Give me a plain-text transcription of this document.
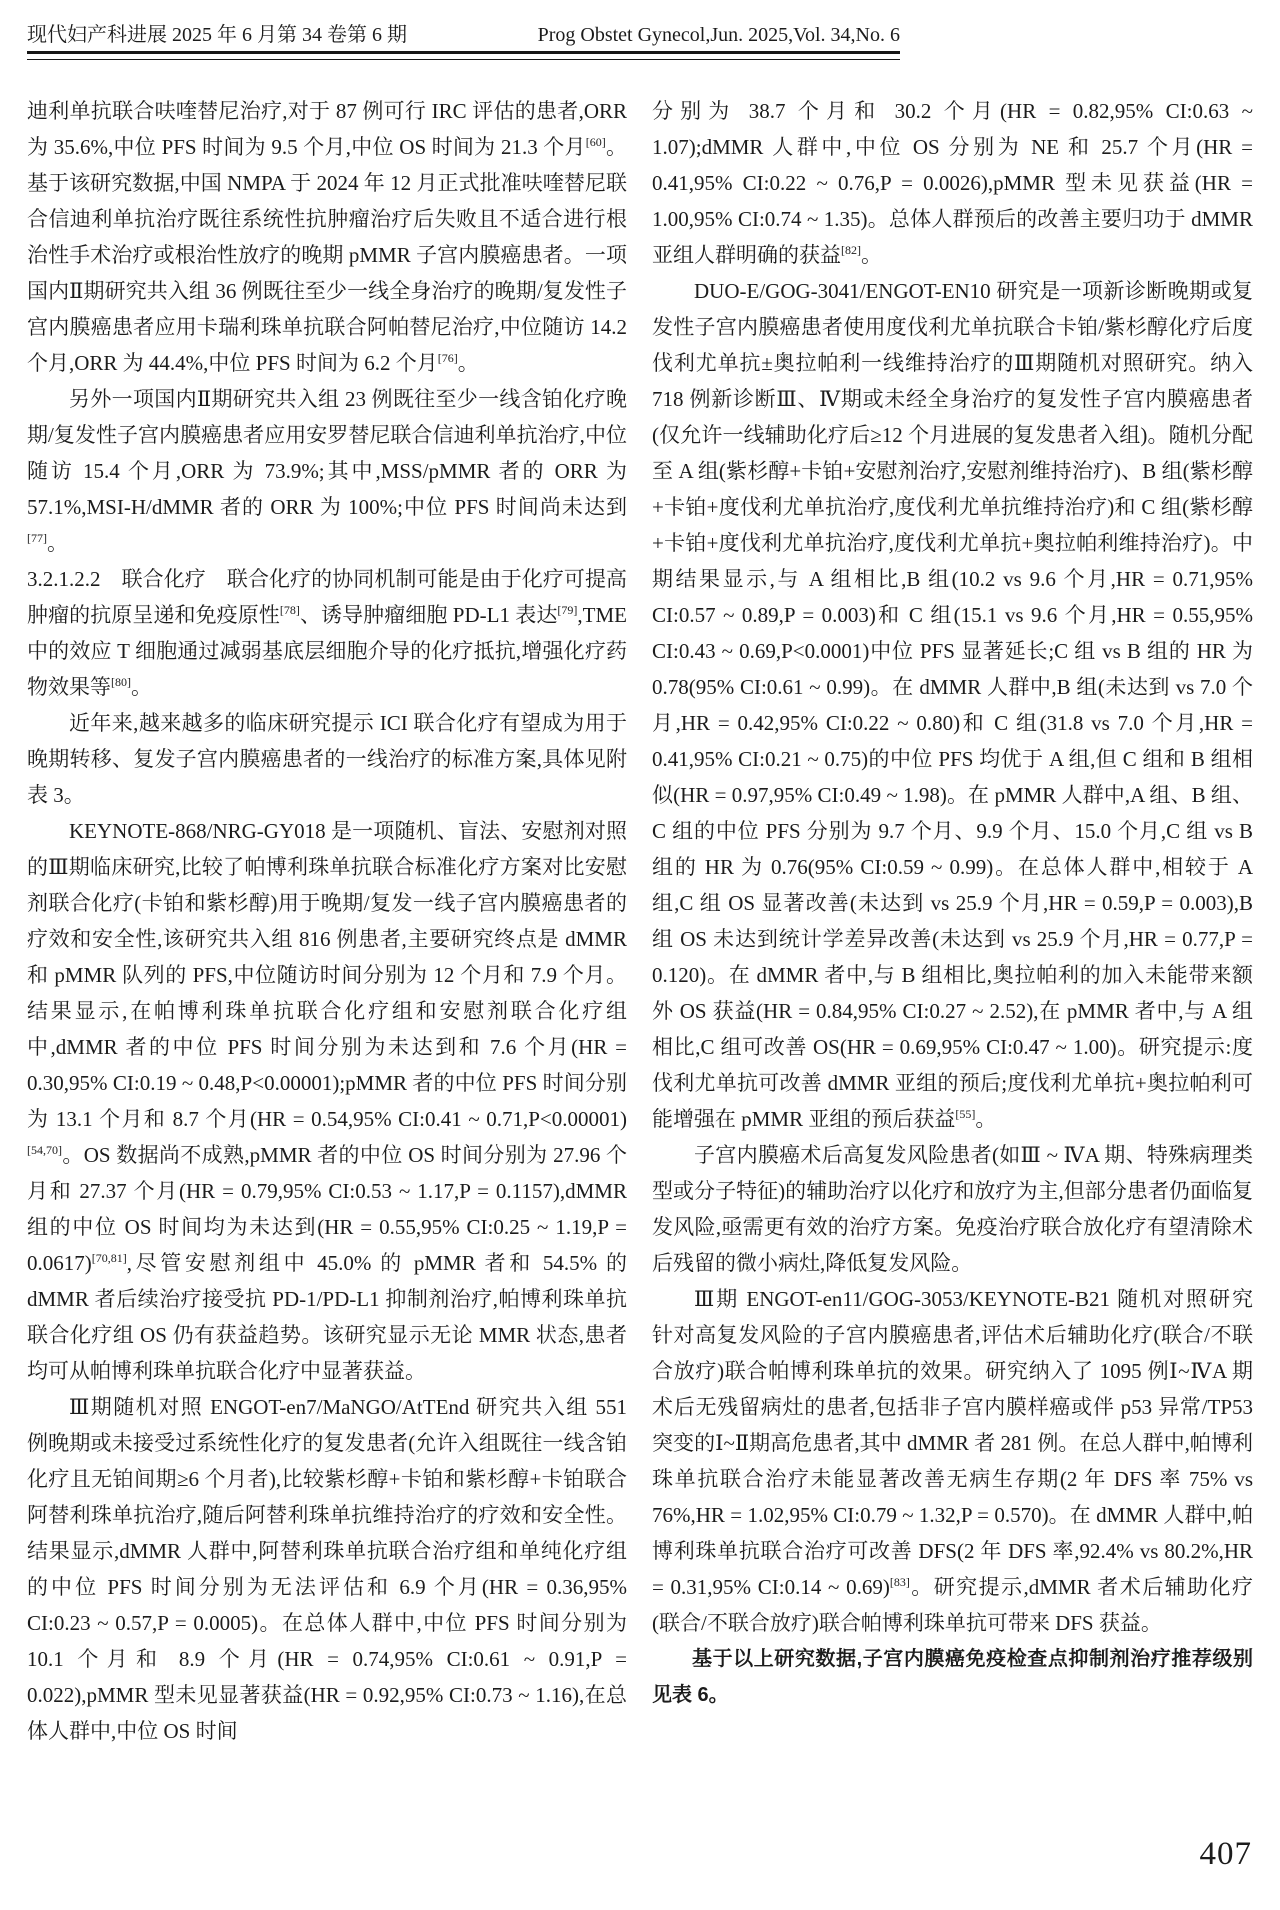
现代妇产科进展 2025 年 6 月第 34 卷第 6 期	Prog Obstet Gynecol,Jun. 2025,Vol. 34,No. 6

迪利单抗联合呋喹替尼治疗,对于 87 例可行 IRC 评估的患者,ORR 为 35.6%,中位 PFS 时间为 9.5 个月,中位 OS 时间为 21.3 个月[60]。基于该研究数据,中国 NMPA 于 2024 年 12 月正式批准呋喹替尼联合信迪利单抗治疗既往系统性抗肿瘤治疗后失败且不适合进行根治性手术治疗或根治性放疗的晚期 pMMR 子宫内膜癌患者。一项国内Ⅱ期研究共入组 36 例既往至少一线全身治疗的晚期/复发性子宫内膜癌患者应用卡瑞利珠单抗联合阿帕替尼治疗,中位随访 14.2 个月,ORR 为 44.4%,中位 PFS 时间为 6.2 个月[76]。

另外一项国内Ⅱ期研究共入组 23 例既往至少一线含铂化疗晚期/复发性子宫内膜癌患者应用安罗替尼联合信迪利单抗治疗,中位随访 15.4 个月,ORR 为 73.9%;其中,MSS/pMMR 者的 ORR 为 57.1%,MSI-H/dMMR 者的 ORR 为 100%;中位 PFS 时间尚未达到[77]。

3.2.1.2.2　联合化疗　联合化疗的协同机制可能是由于化疗可提高肿瘤的抗原呈递和免疫原性[78]、诱导肿瘤细胞 PD-L1 表达[79],TME 中的效应 T 细胞通过减弱基底层细胞介导的化疗抵抗,增强化疗药物效果等[80]。

近年来,越来越多的临床研究提示 ICI 联合化疗有望成为用于晚期转移、复发子宫内膜癌患者的一线治疗的标准方案,具体见附表 3。

KEYNOTE-868/NRG-GY018 是一项随机、盲法、安慰剂对照的Ⅲ期临床研究,比较了帕博利珠单抗联合标准化疗方案对比安慰剂联合化疗(卡铂和紫杉醇)用于晚期/复发一线子宫内膜癌患者的疗效和安全性,该研究共入组 816 例患者,主要研究终点是 dMMR 和 pMMR 队列的 PFS,中位随访时间分别为 12 个月和 7.9 个月。结果显示,在帕博利珠单抗联合化疗组和安慰剂联合化疗组中,dMMR 者的中位 PFS 时间分别为未达到和 7.6 个月(HR = 0.30,95% CI:0.19 ~ 0.48,P<0.00001);pMMR 者的中位 PFS 时间分别为 13.1 个月和 8.7 个月(HR = 0.54,95% CI:0.41 ~ 0.71,P<0.00001)[54,70]。OS 数据尚不成熟,pMMR 者的中位 OS 时间分别为 27.96 个月和 27.37 个月(HR = 0.79,95% CI:0.53 ~ 1.17,P = 0.1157),dMMR 组的中位 OS 时间均为未达到(HR = 0.55,95% CI:0.25 ~ 1.19,P = 0.0617)[70,81],尽管安慰剂组中 45.0% 的 pMMR 者和 54.5% 的 dMMR 者后续治疗接受抗 PD-1/PD-L1 抑制剂治疗,帕博利珠单抗联合化疗组 OS 仍有获益趋势。该研究显示无论 MMR 状态,患者均可从帕博利珠单抗联合化疗中显著获益。

Ⅲ期随机对照 ENGOT-en7/MaNGO/AtTEnd 研究共入组 551 例晚期或未接受过系统性化疗的复发患者(允许入组既往一线含铂化疗且无铂间期≥6 个月者),比较紫杉醇+卡铂和紫杉醇+卡铂联合阿替利珠单抗治疗,随后阿替利珠单抗维持治疗的疗效和安全性。结果显示,dMMR 人群中,阿替利珠单抗联合治疗组和单纯化疗组的中位 PFS 时间分别为无法评估和 6.9 个月(HR = 0.36,95% CI:0.23 ~ 0.57,P = 0.0005)。在总体人群中,中位 PFS 时间分别为 10.1 个月和 8.9 个月(HR = 0.74,95% CI:0.61 ~ 0.91,P = 0.022),pMMR 型未见显著获益(HR = 0.92,95% CI:0.73 ~ 1.16),在总体人群中,中位 OS 时间

分别为 38.7 个月和 30.2 个月(HR = 0.82,95% CI:0.63 ~ 1.07);dMMR 人群中,中位 OS 分别为 NE 和 25.7 个月(HR = 0.41,95% CI:0.22 ~ 0.76,P = 0.0026),pMMR 型未见获益(HR = 1.00,95% CI:0.74 ~ 1.35)。总体人群预后的改善主要归功于 dMMR 亚组人群明确的获益[82]。

DUO-E/GOG-3041/ENGOT-EN10 研究是一项新诊断晚期或复发性子宫内膜癌患者使用度伐利尤单抗联合卡铂/紫杉醇化疗后度伐利尤单抗±奥拉帕利一线维持治疗的Ⅲ期随机对照研究。纳入 718 例新诊断Ⅲ、Ⅳ期或未经全身治疗的复发性子宫内膜癌患者(仅允许一线辅助化疗后≥12 个月进展的复发患者入组)。随机分配至 A 组(紫杉醇+卡铂+安慰剂治疗,安慰剂维持治疗)、B 组(紫杉醇+卡铂+度伐利尤单抗治疗,度伐利尤单抗维持治疗)和 C 组(紫杉醇+卡铂+度伐利尤单抗治疗,度伐利尤单抗+奥拉帕利维持治疗)。中期结果显示,与 A 组相比,B 组(10.2 vs 9.6 个月,HR = 0.71,95% CI:0.57 ~ 0.89,P = 0.003)和 C 组(15.1 vs 9.6 个月,HR = 0.55,95% CI:0.43 ~ 0.69,P<0.0001)中位 PFS 显著延长;C 组 vs B 组的 HR 为 0.78(95% CI:0.61 ~ 0.99)。在 dMMR 人群中,B 组(未达到 vs 7.0 个月,HR = 0.42,95% CI:0.22 ~ 0.80)和 C 组(31.8 vs 7.0 个月,HR = 0.41,95% CI:0.21 ~ 0.75)的中位 PFS 均优于 A 组,但 C 组和 B 组相似(HR = 0.97,95% CI:0.49 ~ 1.98)。在 pMMR 人群中,A 组、B 组、C 组的中位 PFS 分别为 9.7 个月、9.9 个月、15.0 个月,C 组 vs B 组的 HR 为 0.76(95% CI:0.59 ~ 0.99)。在总体人群中,相较于 A 组,C 组 OS 显著改善(未达到 vs 25.9 个月,HR = 0.59,P = 0.003),B 组 OS 未达到统计学差异改善(未达到 vs 25.9 个月,HR = 0.77,P = 0.120)。在 dMMR 者中,与 B 组相比,奥拉帕利的加入未能带来额外 OS 获益(HR = 0.84,95% CI:0.27 ~ 2.52),在 pMMR 者中,与 A 组相比,C 组可改善 OS(HR = 0.69,95% CI:0.47 ~ 1.00)。研究提示:度伐利尤单抗可改善 dMMR 亚组的预后;度伐利尤单抗+奥拉帕利可能增强在 pMMR 亚组的预后获益[55]。

子宫内膜癌术后高复发风险患者(如Ⅲ ~ ⅣA 期、特殊病理类型或分子特征)的辅助治疗以化疗和放疗为主,但部分患者仍面临复发风险,亟需更有效的治疗方案。免疫治疗联合放化疗有望清除术后残留的微小病灶,降低复发风险。

Ⅲ期 ENGOT-en11/GOG-3053/KEYNOTE-B21 随机对照研究针对高复发风险的子宫内膜癌患者,评估术后辅助化疗(联合/不联合放疗)联合帕博利珠单抗的效果。研究纳入了 1095 例Ⅰ~ⅣA 期术后无残留病灶的患者,包括非子宫内膜样癌或伴 p53 异常/TP53 突变的Ⅰ~Ⅱ期高危患者,其中 dMMR 者 281 例。在总人群中,帕博利珠单抗联合治疗未能显著改善无病生存期(2 年 DFS 率 75% vs 76%,HR = 1.02,95% CI:0.79 ~ 1.32,P = 0.570)。在 dMMR 人群中,帕博利珠单抗联合治疗可改善 DFS(2 年 DFS 率,92.4% vs 80.2%,HR = 0.31,95% CI:0.14 ~ 0.69)[83]。研究提示,dMMR 者术后辅助化疗(联合/不联合放疗)联合帕博利珠单抗可带来 DFS 获益。

基于以上研究数据,子宫内膜癌免疫检查点抑制剂治疗推荐级别见表 6。

407
